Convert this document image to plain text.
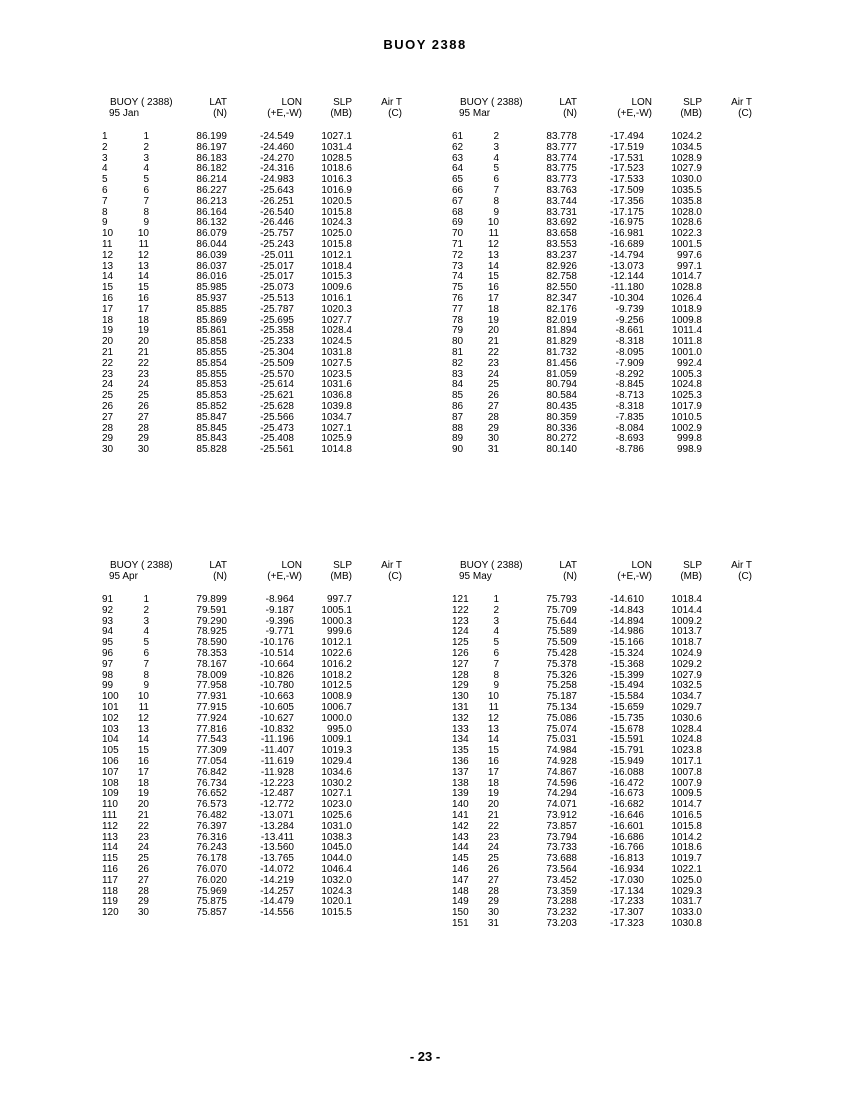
BUOY 2388
BUOY ( 2388)
95 Jan
LAT
(N)
LON
(+E,-W)
SLP
(MB)
Air T
(C)
1	1	86.199	-24.549	1027.1
2	2	86.197	-24.460	1031.4
3	3	86.183	-24.270	1028.5
4	4	86.182	-24.316	1018.6
5	5	86.214	-24.983	1016.3
6	6	86.227	-25.643	1016.9
7	7	86.213	-26.251	1020.5
8	8	86.164	-26.540	1015.8
9	9	86.132	-26.446	1024.3
10 10	86.079	-25.757	1025.0
11	11	86.044	-25.243	1015.8
12 12	86.039	-25.011	1012.1
13 13	86.037	-25.017	1018.4
14 14	86.016	-25.017	1015.3
15 15	85.985	-25.073	1009.6
16 16	85.937	-25.513	1016.1
17 17	85.885	-25.787	1020.3
18 18	85.869	-25.695	1027.7
19 19	85.861	-25.358	1028.4
20 20	85.858	-25.233	1024.5
21 21	85.855	-25.304	1031.8
22 22	85.854	-25.509	1027.5
23 23	85.855	-25.570	1023.5
24 24	85.853	-25.614	1031.6
25 25	85.853	-25.621	1036.8
26 26	85.852	-25.628	1039.8
27 27	85.847	-25.566	1034.7
28 28	85.845	-25.473	1027.1
29 29	85.843	-25.408	1025.9
30 30	85.828	-25.561	1014.8
BUOY ( 2388)
95 Mar
LAT
(N)
LON
(+E,-W)
SLP
(MB)
Air T
(C)
61	2	83.778	-17.494	1024.2
62	3	83.777	-17.519	1034.5
63	4	83.774	-17.531	1028.9
64	5	83.775	-17.523	1027.9
65	6	83.773	-17.533	1030.0
66	7	83.763	-17.509	1035.5
67	8	83.744	-17.356	1035.8
68	9	83.731	-17.175	1028.0
69 10	83.692	-16.975	1028.6
70	11	83.658	-16.981	1022.3
71 12	83.553	-16.689	1001.5
72 13	83.237	-14.794	997.6
73 14	82.926	-13.073	997.1
74 15	82.758	-12.144	1014.7
75 16	82.550	-11.180	1028.8
76 17	82.347	-10.304	1026.4
77 18	82.176	-9.739	1018.9
78 19	82.019	-9.256	1009.8
79 20	81.894	-8.661	1011.4
80 21	81.829	-8.318	1011.8
81 22	81.732	-8.095	1001.0
82 23	81.456	-7.909	992.4
83 24	81.059	-8.292	1005.3
84 25	80.794	-8.845	1024.8
85 26	80.584	-8.713	1025.3
86 27	80.435	-8.318	1017.9
87 28	80.359	-7.835	1010.5
88 29	80.336	-8.084	1002.9
89 30	80.272	-8.693	999.8
90 31	80.140	-8.786	998.9
BUOY ( 2388)
95 Apr
LAT
(N)
LON
(+E,-W)
SLP
(MB)
Air T
(C)
91	1	79.899	-8.964	997.7
92	2	79.591	-9.187	1005.1
93	3	79.290	-9.396	1000.3
94	4	78.925	-9.771	999.6
95	5	78.590	-10.176	1012.1
96	6	78.353	-10.514	1022.6
97	7	78.167	-10.664	1016.2
98	8	78.009	-10.826	1018.2
99	9	77.958	-10.780	1012.5
100 10	77.931	-10.663	1008.9
101 11	77.915	-10.605	1006.7
102 12	77.924	-10.627	1000.0
103 13	77.816	-10.832	995.0
104 14	77.543	-11.196	1009.1
105 15	77.309	-11.407	1019.3
106 16	77.054	-11.619	1029.4
107 17	76.842	-11.928	1034.6
108 18	76.734	-12.223	1030.2
109 19	76.652	-12.487	1027.1
110 20	76.573	-12.772	1023.0
111 21	76.482	-13.071	1025.6
112 22	76.397	-13.284	1031.0
113 23	76.316	-13.411	1038.3
114 24	76.243	-13.560	1045.0
115 25	76.178	-13.765	1044.0
116 26	76.070	-14.072	1046.4
117 27	76.020	-14.219	1032.0
118 28	75.969	-14.257	1024.3
119 29	75.875	-14.479	1020.1
120 30	75.857	-14.556	1015.5
BUOY ( 2388)
95 May
LAT
(N)
LON
(+E,-W)
SLP
(MB)
Air T
(C)
121 1	75.793	-14.610	1018.4
122 2	75.709	-14.843	1014.4
123 3	75.644	-14.894	1009.2
124 4	75.589	-14.986	1013.7
125 5	75.509	-15.166	1018.7
126 6	75.428	-15.324	1024.9
127 7	75.378	-15.368	1029.2
128 8	75.326	-15.399	1027.9
129 9	75.258	-15.494	1032.5
130 10	75.187	-15.584	1034.7
131 11	75.134	-15.659	1029.7
132 12	75.086	-15.735	1030.6
133 13	75.074	-15.678	1028.4
134 14	75.031	-15.591	1024.8
135 15	74.984	-15.791	1023.8
136 16	74.928	-15.949	1017.1
137 17	74.867	-16.088	1007.8
138 18	74.596	-16.472	1007.9
139 19	74.294	-16.673	1009.5
140 20	74.071	-16.682	1014.7
141 21	73.912	-16.646	1016.5
142 22	73.857	-16.601	1015.8
143 23	73.794	-16.686	1014.2
144 24	73.733	-16.766	1018.6
145 25	73.688	-16.813	1019.7
146 26	73.564	-16.934	1022.1
147 27	73.452	-17.030	1025.0
148 28	73.359	-17.134	1029.3
149 29	73.288	-17.233	1031.7
150 30	73.232	-17.307	1033.0
151 31	73.203	-17.323	1030.8
- 23 -
